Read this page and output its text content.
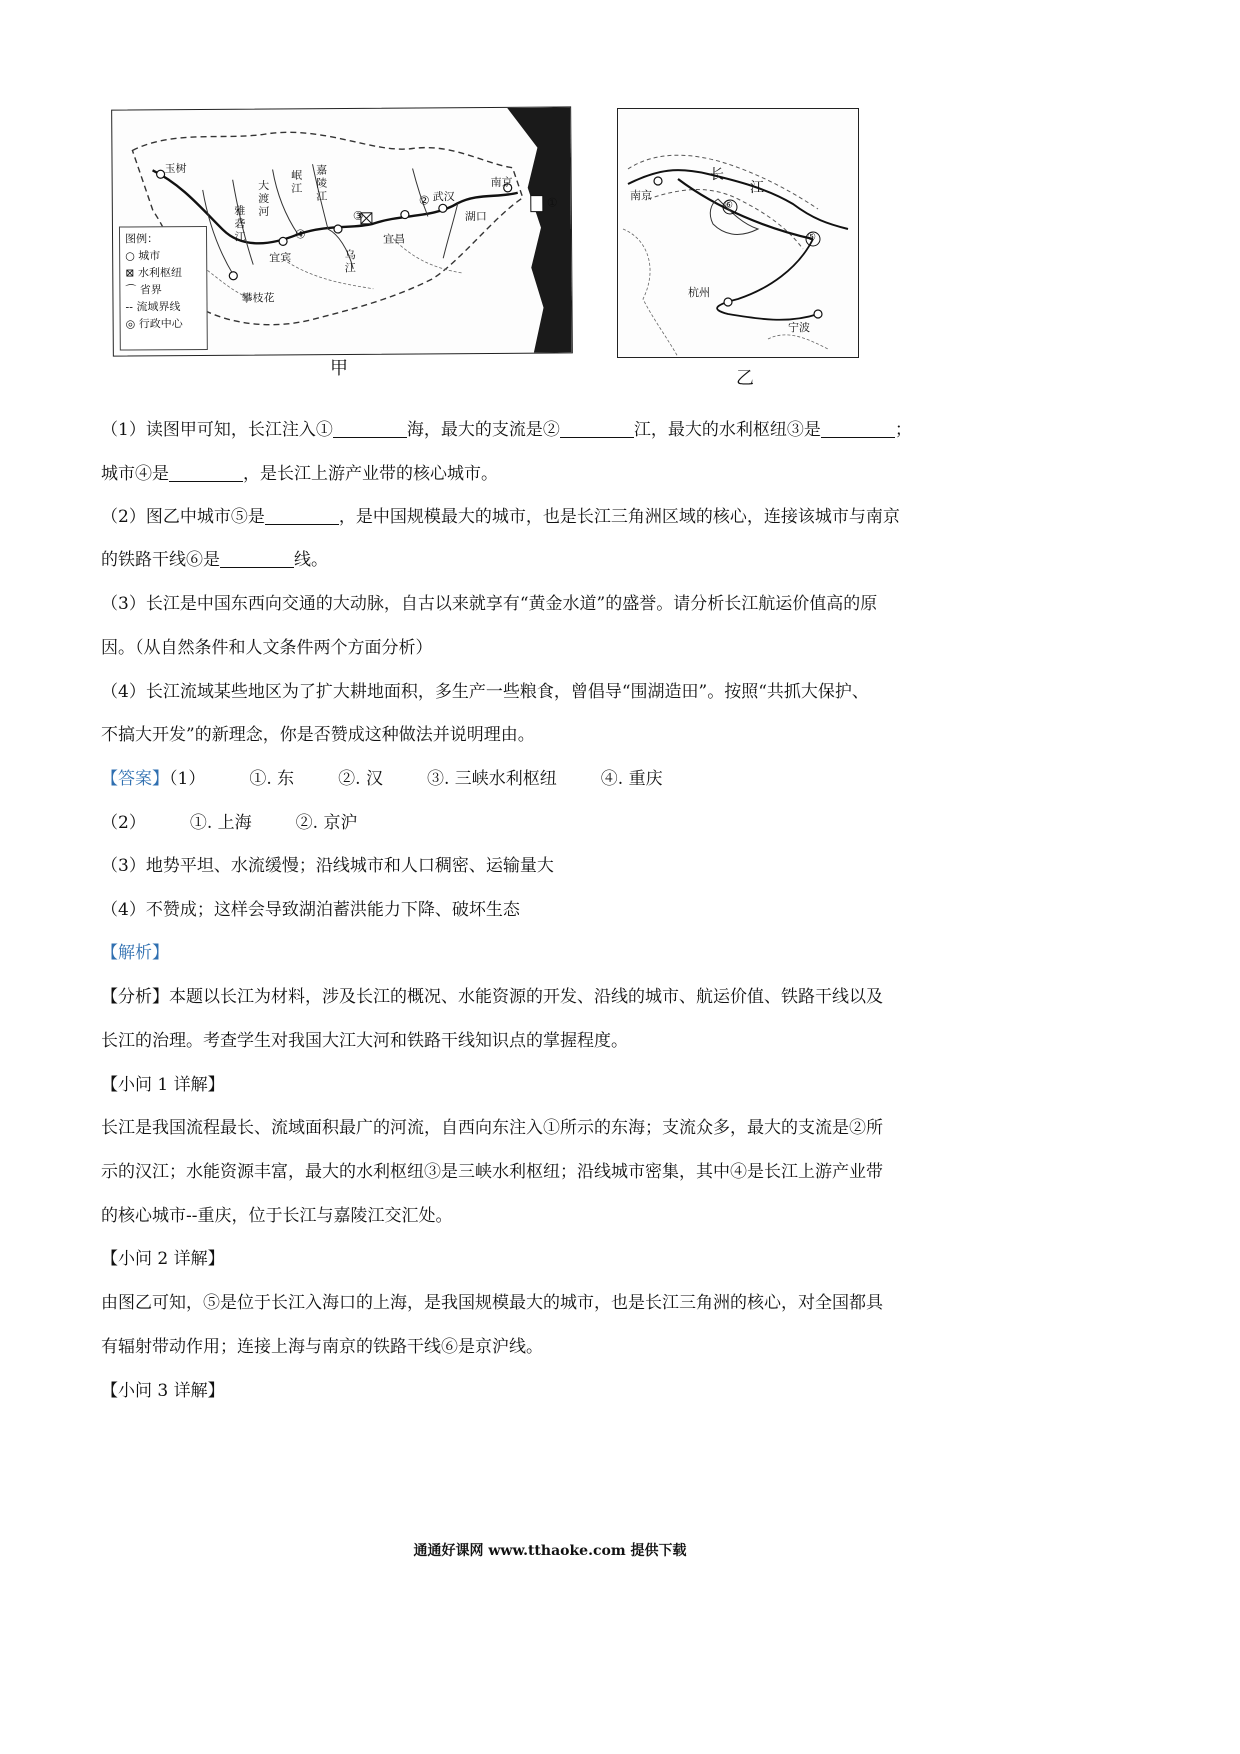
玉树
雅砻江
大渡河 岷江 嘉陵江
宜宾
攀枝花
乌江
宜昌
武汉
湖口
南京
①
②
③
④
图例：
○ 城市
⊠ 水利枢纽
⌒ 省界
‐‐ 流域界线
◎ 行政中心
甲
南京
长
江
⑥
⑤
杭州
宁波
乙
（1）读图甲可知，长江注入①	海，最大的支流是②	江，最大的水利枢纽③是	；
城市④是	，是长江上游产业带的核心城市。
（2）图乙中城市⑤是	，是中国规模最大的城市，也是长江三角洲区域的核心，连接该城市与南京
的铁路干线⑥是	线。
（3）长江是中国东西向交通的大动脉，自古以来就享有“黄金水道”的盛誉。请分析长江航运价值高的原
因。（从自然条件和人文条件两个方面分析）
（4）长江流域某些地区为了扩大耕地面积，多生产一些粮食，曾倡导“围湖造田”。按照“共抓大保护、
不搞大开发”的新理念，你是否赞成这种做法并说明理由。
【答案】（1）	①. 东	②. 汉	③. 三峡水利枢纽	④. 重庆
（2）	①. 上海	②. 京沪
（3）地势平坦、水流缓慢；沿线城市和人口稠密、运输量大
（4）不赞成；这样会导致湖泊蓄洪能力下降、破坏生态
【解析】
【分析】本题以长江为材料，涉及长江的概况、水能资源的开发、沿线的城市、航运价值、铁路干线以及
长江的治理。考查学生对我国大江大河和铁路干线知识点的掌握程度。
【小问 1 详解】
长江是我国流程最长、流域面积最广的河流，自西向东注入①所示的东海；支流众多，最大的支流是②所
示的汉江；水能资源丰富，最大的水利枢纽③是三峡水利枢纽；沿线城市密集，其中④是长江上游产业带
的核心城市--重庆，位于长江与嘉陵江交汇处。
【小问 2 详解】
由图乙可知，⑤是位于长江入海口的上海，是我国规模最大的城市，也是长江三角洲的核心，对全国都具
有辐射带动作用；连接上海与南京的铁路干线⑥是京沪线。
【小问 3 详解】
通通好课网 www.tthaoke.com 提供下载
